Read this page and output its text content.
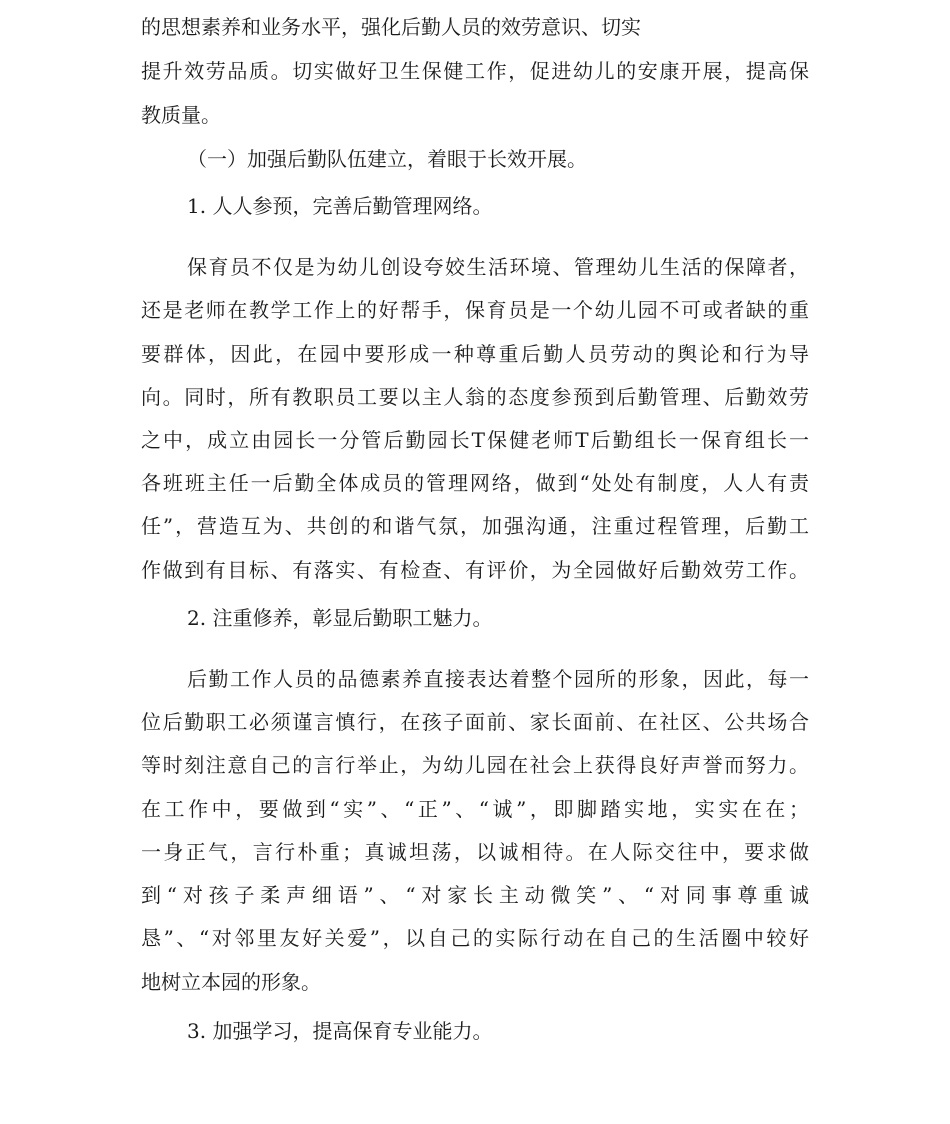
的思想素养和业务水平，强化后勤人员的效劳意识、切实
提升效劳品质。切实做好卫生保健工作，促进幼儿的安康开展，提高保
教质量。
（一）加强后勤队伍建立，着眼于长效开展。
1. 人人参预，完善后勤管理网络。
保育员不仅是为幼儿创设夸姣生活环境、管理幼儿生活的保障者，
还是老师在教学工作上的好帮手，保育员是一个幼儿园不可或者缺的重
要群体，因此，在园中要形成一种尊重后勤人员劳动的舆论和行为导
向。同时，所有教职员工要以主人翁的态度参预到后勤管理、后勤效劳
之中，成立由园长一分管后勤园长T保健老师T后勤组长一保育组长一
各班班主任一后勤全体成员的管理网络，做到“处处有制度，人人有责
任”，营造互为、共创的和谐气氛，加强沟通，注重过程管理，后勤工
作做到有目标、有落实、有检查、有评价，为全园做好后勤效劳工作。
2. 注重修养，彰显后勤职工魅力。
后勤工作人员的品德素养直接表达着整个园所的形象，因此，每一
位后勤职工必须谨言慎行，在孩子面前、家长面前、在社区、公共场合
等时刻注意自己的言行举止，为幼儿园在社会上获得良好声誉而努力。
在工作中，要做到“实”、“正”、“诚”，即脚踏实地，实实在在；
一身正气，言行朴重；真诚坦荡，以诚相待。在人际交往中，要求做
到“对孩子柔声细语”、“对家长主动微笑”、“对同事尊重诚
恳”、“对邻里友好关爱”，以自己的实际行动在自己的生活圈中较好
地树立本园的形象。
3. 加强学习，提高保育专业能力。
